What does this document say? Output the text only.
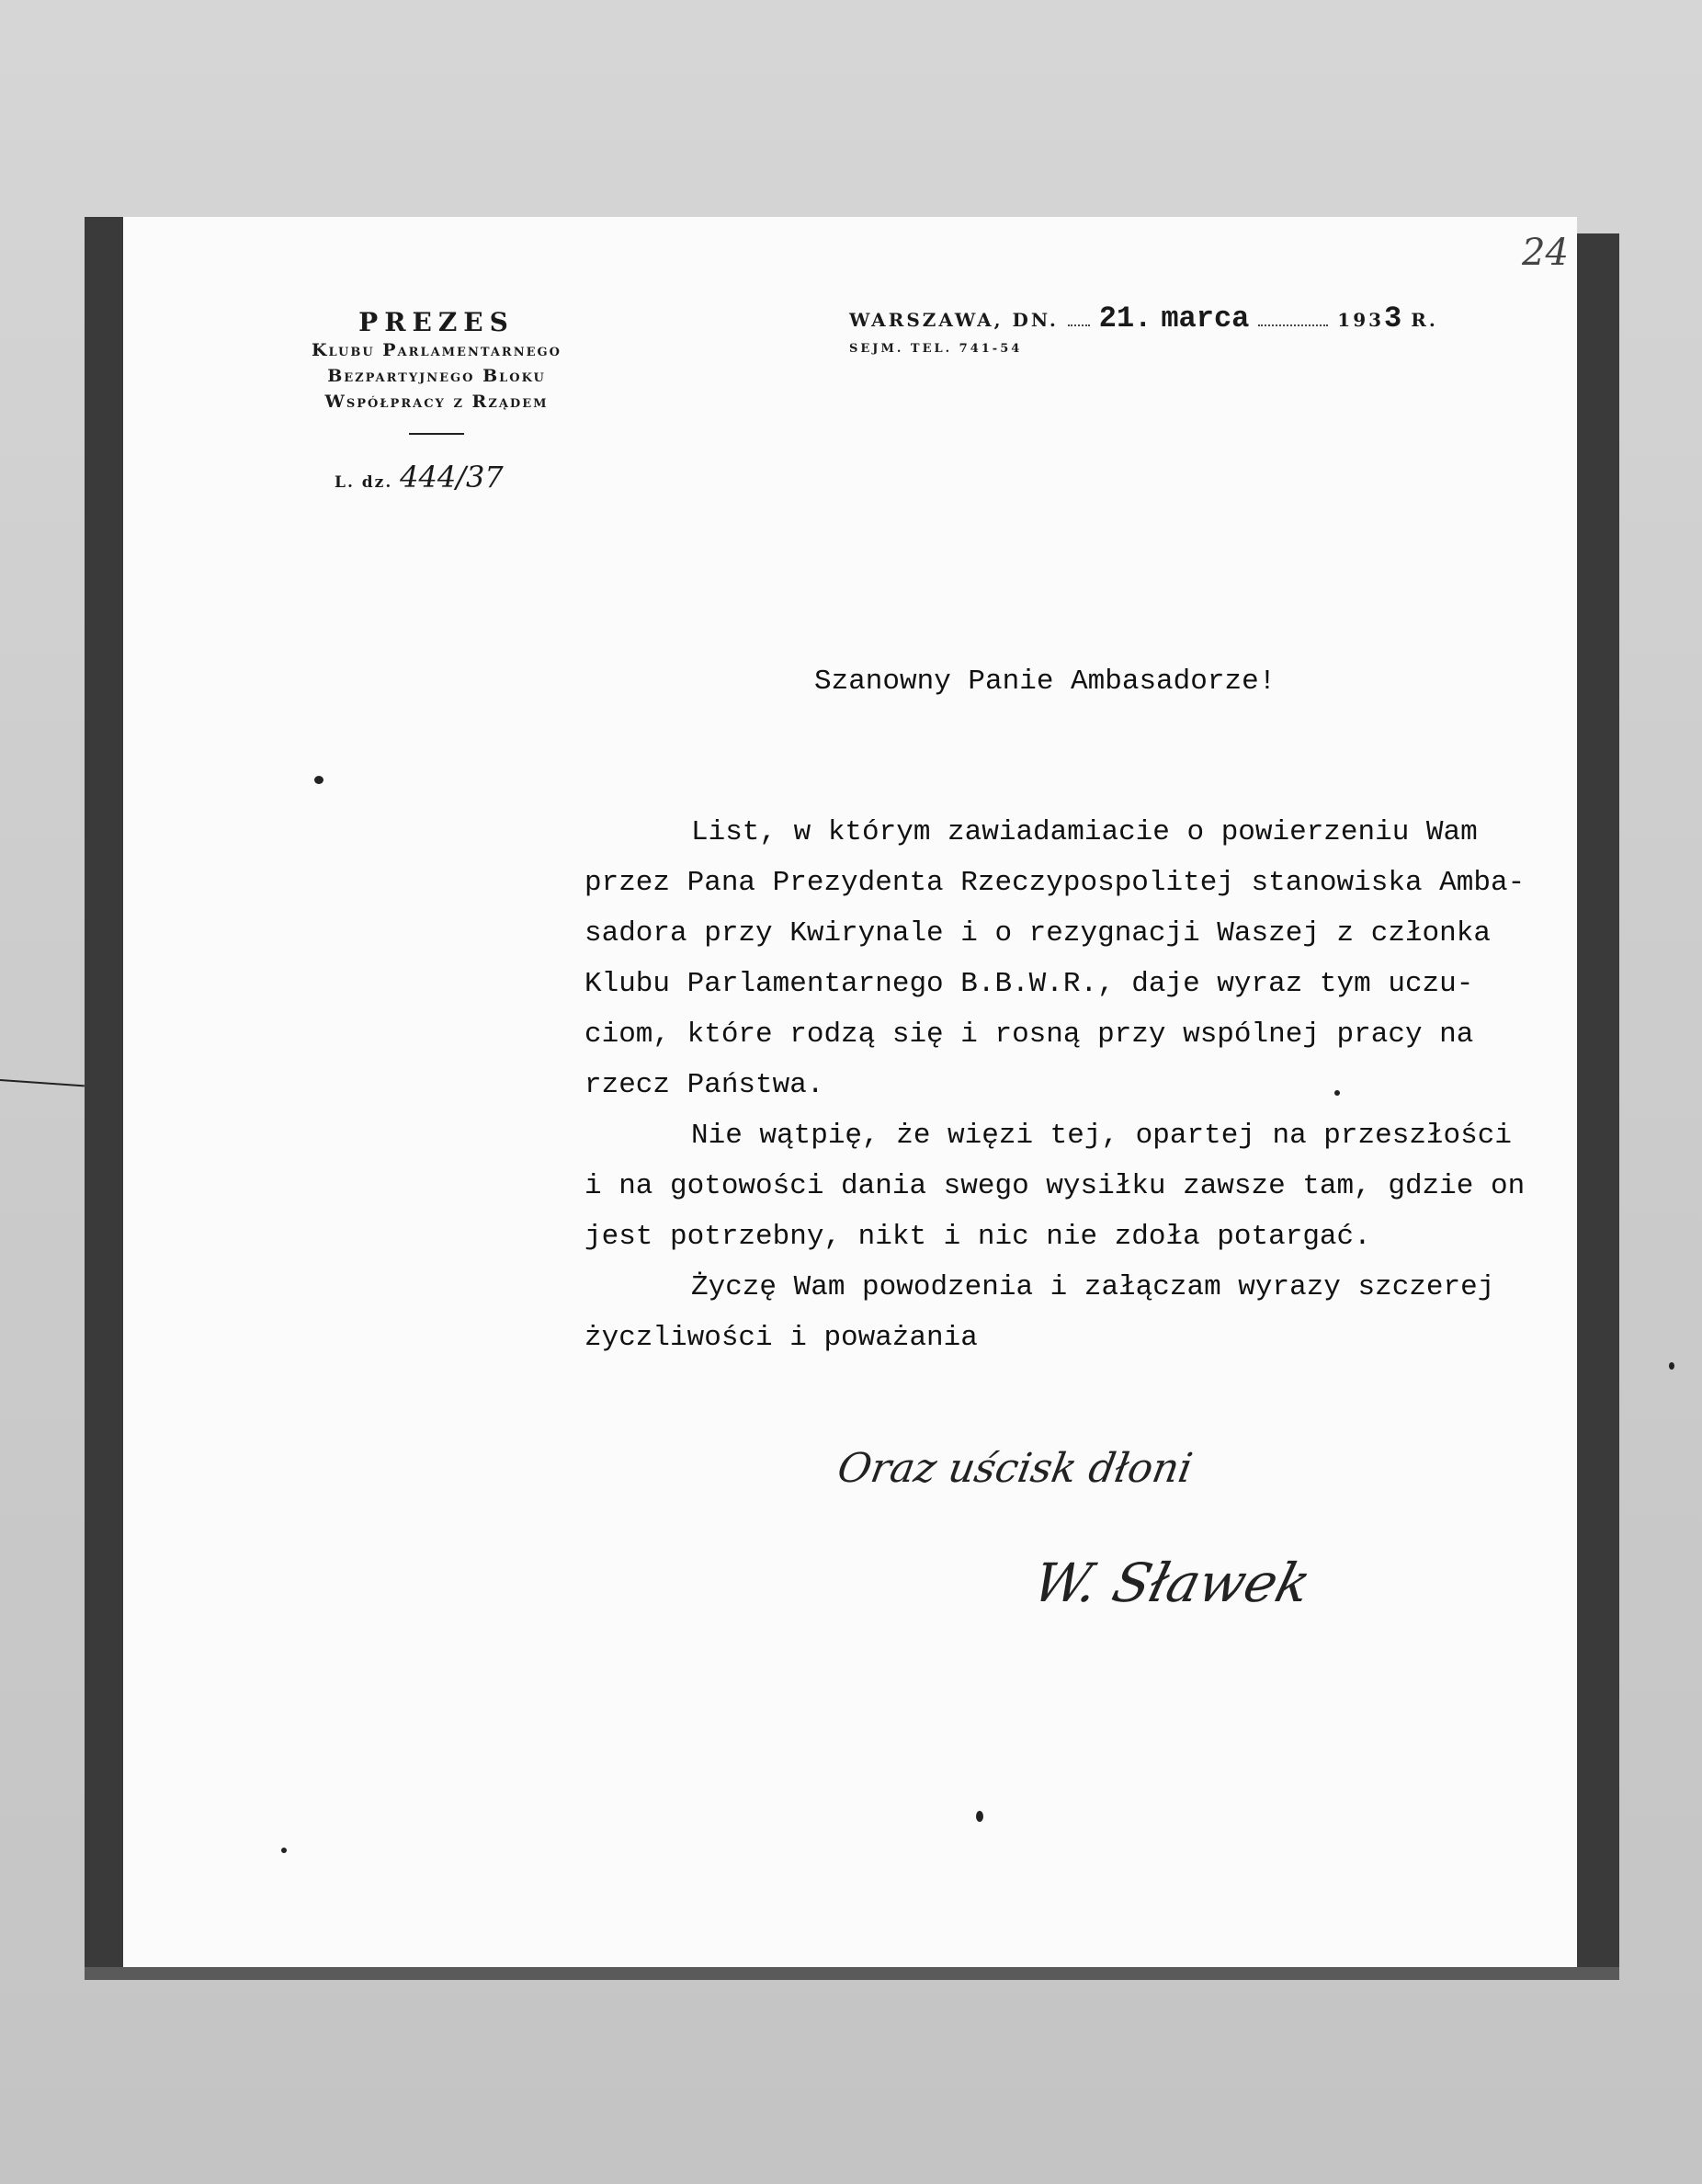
24
PREZES
Klubu Parlamentarnego
Bezpartyjnego Bloku
Współpracy z Rządem
L. dz. 444/37
WARSZAWA, DN. 21. marca	1933 R.
SEJM. TEL. 741-54
Szanowny Panie Ambasadorze!
List, w którym zawiadamiacie o powierzeniu Wam
przez Pana Prezydenta Rzeczypospolitej stanowiska Amba-
sadora przy Kwirynale i o rezygnacji Waszej z członka
Klubu Parlamentarnego B.B.W.R., daje wyraz tym uczu-
ciom, które rodzą się i rosną przy wspólnej pracy na
rzecz Państwa.
Nie wątpię, że więzi tej, opartej na przeszłości
i na gotowości dania swego wysiłku zawsze tam, gdzie on
jest potrzebny, nikt i nic nie zdoła potargać.
Życzę Wam powodzenia i załączam wyrazy szczerej
życzliwości i poważania
Oraz uścisk dłoni
W. Sławek
